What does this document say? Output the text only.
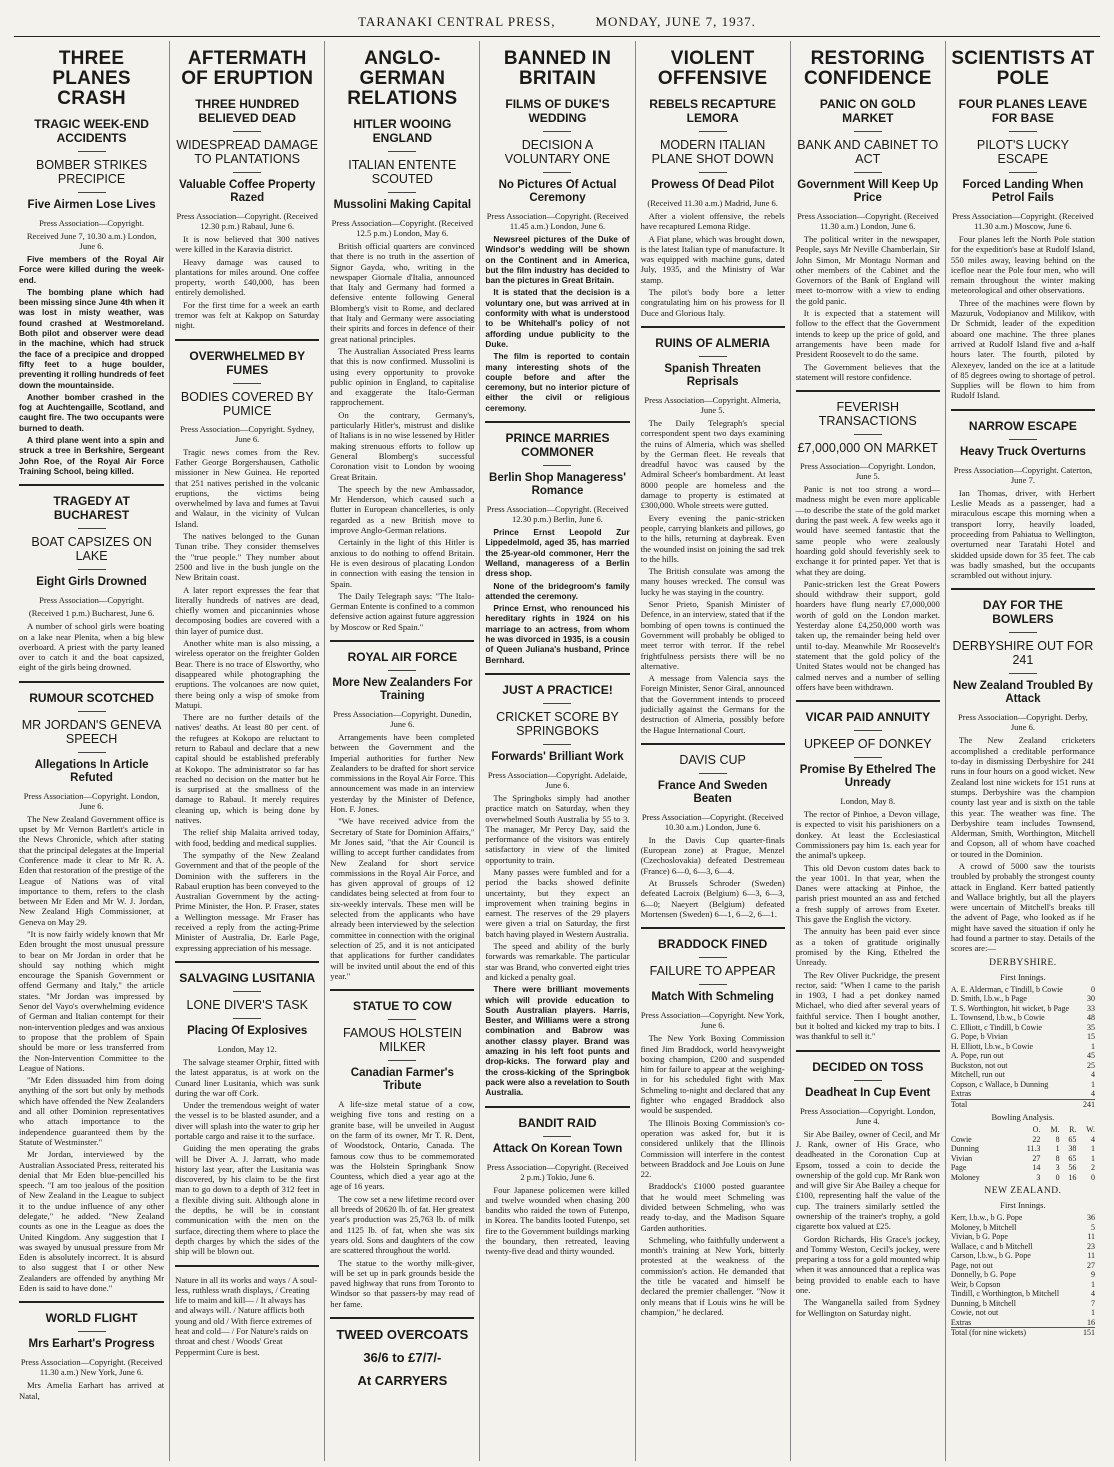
TARANAKI CENTRAL PRESS,	MONDAY, JUNE 7, 1937.
THREE PLANES CRASH
TRAGIC WEEK-END ACCIDENTS
BOMBER STRIKES PRECIPICE
Five Airmen Lose Lives
Press Association—Copyright.
Received June 7, 10.30 a.m.) London, June 6.

Five members of the Royal Air Force were killed during the week-end.

The bombing plane which had been missing since June 4th when it was lost in misty weather, was found crashed at Westmoreland. Both pilot and observer were dead in the machine, which had struck the face of a precipice and dropped fifty feet to a huge boulder, preventing it rolling hundreds of feet down the mountainside.

Another bomber crashed in the fog at Auchtengaille, Scotland, and caught fire. The two occupants were burned to death.

A third plane went into a spin and struck a tree in Berkshire, Sergeant John Roe, of the Royal Air Force Training School, being killed.

TRAGEDY AT BUCHAREST
BOAT CAPSIZES ON LAKE
Eight Girls Drowned
Press Association—Copyright.
(Received 1 p.m.) Bucharest, June 6.

A number of school girls were boating on a lake near Plenita, when a big blew overboard. A priest with the party leaned over to catch it and the boat capsized, eight of the girls being drowned.

RUMOUR SCOTCHED
MR JORDAN'S GENEVA SPEECH
Allegations In Article Refuted
Press Association—Copyright. London, June 6.

The New Zealand Government office is upset by Mr Vernon Bartlett's article in the News Chronicle, which after stating that the principal delegates at the Imperial Conference made it clear to Mr R. A. Eden that restoration of the prestige of the League of Nations was of vital importance to them, refers to the clash between Mr Eden and Mr W. J. Jordan, New Zealand High Commissioner, at Geneva on May 29.

"It is now fairly widely known that Mr Eden brought the most unusual pressure to bear on Mr Jordan in order that he should say nothing which might encourage the Spanish Government or offend Germany and Italy," the article states. "Mr Jordan was impressed by Senor del Vayo's overwhelming evidence of German and Italian contempt for their non-intervention pledges and was anxious to propose that the problem of Spain should be more or less transferred from the Non-Intervention Committee to the League of Nations.

"Mr Eden dissuaded him from doing anything of the sort but only by methods which have offended the New Zealanders and all other Dominion representatives who attach importance to the independence guaranteed them by the Statute of Westminster."

Mr Jordan, interviewed by the Australian Associated Press, reiterated his denial that Mr Eden blue-pencilled his speech. "I am too jealous of the position of New Zealand in the League to subject it to the undue influence of any other delegate," he added. "New Zealand counts as one in the League as does the United Kingdom. Any suggestion that I was swayed by unusual pressure from Mr Eden is absolutely incorrect. It is absurd to also suggest that I or other New Zealanders are offended by anything Mr Eden is said to have done."

WORLD FLIGHT
Mrs Earhart's Progress
Press Association—Copyright. (Received 11.30 a.m.) New York, June 6.

Mrs Amelia Earhart has arrived at Natal,

AFTERMATH OF ERUPTION
THREE HUNDRED BELIEVED DEAD
WIDESPREAD DAMAGE TO PLANTATIONS
Valuable Coffee Property Razed
Press Association—Copyright. (Received 12.30 p.m.) Rabaul, June 6.

It is now believed that 300 natives were killed in the Karavia district.

Heavy damage was caused to plantations for miles around. One coffee property, worth £40,000, has been entirely demolished.

For the first time for a week an earth tremor was felt at Kakpop on Saturday night.

OVERWHELMED BY FUMES
BODIES COVERED BY PUMICE
Press Association—Copyright. Sydney, June 6.

Tragic news comes from the Rev. Father George Borgershausen, Catholic missioner in New Guinea. He reported that 251 natives perished in the volcanic eruptions, the victims being overwhelmed by lava and fumes at Tavui and Walaur, in the vicinity of Vulcan Island.

The natives belonged to the Gunan Tunan tribe. They consider themselves the "true people." They number about 2500 and live in the bush jungle on the New Britain coast.

A later report expresses the fear that literally hundreds of natives are dead, chiefly women and piccaninnies whose decomposing bodies are covered with a thin layer of pumice dust.

Another white man is also missing, a wireless operator on the freighter Golden Bear. There is no trace of Elsworthy, who disappeared while photographing the eruptions. The volcanoes are now quiet, there being only a wisp of smoke from Matupi.

There are no further details of the natives' deaths. At least 80 per cent. of the refugees at Kokopo are reluctant to return to Rabaul and declare that a new capital should be established preferably at Kokopo. The administrator so far has reached no decision on the matter but he is surprised at the smallness of the damage to Rabaul. It merely requires cleaning up, which is being done by natives.

The relief ship Malaita arrived today, with food, bedding and medical supplies.

The sympathy of the New Zealand Government and that of the people of the Dominion with the sufferers in the Rabaul eruption has been conveyed to the Australian Government by the acting-Prime Minister, the Hon. P. Fraser, states a Wellington message. Mr Fraser has received a reply from the acting-Prime Minister of Australia, Dr. Earle Page, expressing appreciation of his message.

SALVAGING LUSITANIA
LONE DIVER'S TASK
Placing Of Explosives
London, May 12.

The salvage steamer Orphir, fitted with the latest apparatus, is at work on the Cunard liner Lusitania, which was sunk during the war off Cork.

Under the tremendous weight of water the vessel is to be blasted asunder, and a diver will splash into the water to grip her portable cargo and raise it to the surface.

Guiding the men operating the grabs will be Diver A. J. Jarratt, who made history last year, after the Lusitania was discovered, by his claim to be the first man to go down to a depth of 312 feet in a flexible diving suit. Although alone in the depths, he will be in constant communication with the men on the surface, directing them where to place the depth charges by which the sides of the ship will be blown out.

Nature in all its works and ways / A soul-less, ruthless wrath displays, / Creating life to maim and kill— / It always has and always will. / Nature afflicts both young and old / With fierce extremes of heat and cold— / For Nature's raids on throat and chest / Woods' Great Peppermint Cure is best.

ANGLO-GERMAN RELATIONS
HITLER WOOING ENGLAND
ITALIAN ENTENTE SCOUTED
Mussolini Making Capital
Press Association—Copyright. (Received 12.5 p.m.) London, May 6.

British official quarters are convinced that there is no truth in the assertion of Signor Gayda, who, writing in the newspaper Giornale d'Italia, announced that Italy and Germany had formed a defensive entente following General Blomberg's visit to Rome, and declared that Italy and Germany were associating their spirits and forces in defence of their great national principles.

The Australian Associated Press learns that this is now confirmed. Mussolini is using every opportunity to provoke public opinion in England, to capitalise and exaggerate the Italo-German rapprochement.

On the contrary, Germany's, particularly Hitler's, mistrust and dislike of Italians is in no wise lessened by Hitler making strenuous efforts to follow up General Blomberg's successful Coronation visit to London by wooing Great Britain.

The speech by the new Ambassador, Mr Henderson, which caused such a flutter in European chancelleries, is only regarded as a new British move to improve Anglo-German relations.

Certainly in the light of this Hitler is anxious to do nothing to offend Britain. He is even desirous of placating London in connection with easing the tension in Spain.

The Daily Telegraph says: "The Italo-German Entente is confined to a common defensive action against future aggression by Moscow or Red Spain."

ROYAL AIR FORCE
More New Zealanders For Training
Press Association—Copyright. Dunedin, June 6.

Arrangements have been completed between the Government and the Imperial authorities for further New Zealanders to be drafted for short service commissions in the Royal Air Force. This announcement was made in an interview yesterday by the Minister of Defence, Hon. F. Jones.

"We have received advice from the Secretary of State for Dominion Affairs," Mr Jones said, "that the Air Council is willing to accept further candidates from New Zealand for short service commissions in the Royal Air Force, and has given approval of groups of 12 candidates being selected at from four to six-weekly intervals. These men will be selected from the applicants who have already been interviewed by the selection committee in connection with the original selection of 25, and it is not anticipated that applications for further candidates will be invited until about the end of this year."

STATUE TO COW
FAMOUS HOLSTEIN MILKER
Canadian Farmer's Tribute

A life-size metal statue of a cow, weighing five tons and resting on a granite base, will be unveiled in August on the farm of its owner, Mr T. R. Dent, of Woodstock, Ontario, Canada. The famous cow thus to be commemorated was the Holstein Springbank Snow Countess, which died a year ago at the age of 16 years.

The cow set a new lifetime record over all breeds of 20620 lb. of fat. Her greatest year's production was 25,763 lb. of milk and 1125 lb. of fat, when she was six years old. Sons and daughters of the cow are scattered throughout the world.

The statue to the worthy milk-giver, will be set up in park grounds beside the paved highway that runs from Toronto to Windsor so that passers-by may read of her fame.

TWEED OVERCOATS
36/6 to £7/7/-
At CARRYERS
BANNED IN BRITAIN
FILMS OF DUKE'S WEDDING
DECISION A VOLUNTARY ONE
No Pictures Of Actual Ceremony
Press Association—Copyright. (Received 11.45 a.m.) London, June 6.

Newsreel pictures of the Duke of Windsor's wedding will be shown on the Continent and in America, but the film industry has decided to ban the pictures in Great Britain.

It is stated that the decision is a voluntary one, but was arrived at in conformity with what is understood to be Whitehall's policy of not affording undue publicity to the Duke.

The film is reported to contain many interesting shots of the couple before and after the ceremony, but no interior picture of either the civil or religious ceremony.

PRINCE MARRIES COMMONER
Berlin Shop Manageress' Romance
Press Association—Copyright. (Received 12.30 p.m.) Berlin, June 6.

Prince Ernst Leopold Zur Lippedelmold, aged 35, has married the 25-year-old commoner, Herr the Welland, manageress of a Berlin dress shop.

None of the bridegroom's family attended the ceremony.

Prince Ernst, who renounced his hereditary rights in 1924 on his marriage to an actress, from whom he was divorced in 1935, is a cousin of Queen Juliana's husband, Prince Bernhard.

JUST A PRACTICE!
CRICKET SCORE BY SPRINGBOKS
Forwards' Brilliant Work
Press Association—Copyright. Adelaide, June 6.

The Springboks simply had another practice match on Saturday, when they overwhelmed South Australia by 55 to 3. The manager, Mr Percy Day, said the performance of the visitors was entirely satisfactory in view of the limited opportunity to train.

Many passes were fumbled and for a period the backs showed definite uncertainty, but they expect an improvement when training begins in earnest. The reserves of the 29 players were given a trial on Saturday, the first batch having played in Western Australia.

The speed and ability of the burly forwards was remarkable. The particular star was Brand, who converted eight tries and kicked a penalty goal.

There were brilliant movements which will provide education to South Australian players. Harris, Bester, and Williams were a strong combination and Babrow was another classy player. Brand was amazing in his left foot punts and drop-kicks. The forward play and the cross-kicking of the Springbok pack were also a revelation to South Australia.

BANDIT RAID
Attack On Korean Town
Press Association—Copyright. (Received 2 p.m.) Tokio, June 6.

Four Japanese policemen were killed and twelve wounded when chasing 200 bandits who raided the town of Futenpo, in Korea. The bandits looted Futenpo, set fire to the Government buildings marking the boundary, then retreated, leaving twenty-five dead and thirty wounded.

VIOLENT OFFENSIVE
REBELS RECAPTURE LEMORA
MODERN ITALIAN PLANE SHOT DOWN
Prowess Of Dead Pilot
(Received 11.30 a.m.) Madrid, June 6.

After a violent offensive, the rebels have recaptured Lemona Ridge.

A Fiat plane, which was brought down, is the latest Italian type of manufacture. It was equipped with machine guns, dated July, 1935, and the Ministry of War stamp.

The pilot's body bore a letter congratulating him on his prowess for Il Duce and Glorious Italy.

RUINS OF ALMERIA
Spanish Threaten Reprisals
Press Association—Copyright. Almeria, June 5.

The Daily Telegraph's special correspondent spent two days examining the ruins of Almeria, which was shelled by the German fleet. He reveals that dreadful havoc was caused by the Admiral Scheer's bombardment. At least 8000 people are homeless and the damage to property is estimated at £300,000. Whole streets were gutted.

Every evening the panic-stricken people, carrying blankets and pillows, go to the hills, returning at daybreak. Even the wounded insist on joining the sad trek to the hills.

The British consulate was among the many houses wrecked. The consul was lucky he was staying in the country.

Senor Prieto, Spanish Minister of Defence, in an interview, stated that if the bombing of open towns is continued the Government will probably be obliged to meet terror with terror. If the rebel frightfulness persists there will be no alternative.

A message from Valencia says the Foreign Minister, Senor Giral, announced that the Government intends to proceed judicially against the Germans for the destruction of Almeria, possibly before the Hague International Court.

DAVIS CUP
France And Sweden Beaten
Press Association—Copyright. (Received 10.30 a.m.) London, June 6.

In the Davis Cup quarter-finals (European zone) at Prague, Menzel (Czechoslovakia) defeated Destremeau (France) 6—0, 6—3, 6—4.

At Brussels Schroder (Sweden) defeated Lacroix (Belgium) 6—3, 6—3, 6—0; Naeyert (Belgium) defeated Mortensen (Sweden) 6—1, 6—2, 6—1.

BRADDOCK FINED
FAILURE TO APPEAR
Match With Schmeling
Press Association—Copyright. New York, June 6.

The New York Boxing Commission fined Jim Braddock, world heavyweight boxing champion, £200 and suspended him for failure to appear at the weighing-in for his scheduled fight with Max Schmeling to-night and declared that any fighter who engaged Braddock also would be suspended.

The Illinois Boxing Commission's co-operation was asked for, but it is considered unlikely that the Illinois Commission will interfere in the contest between Braddock and Joe Louis on June 22.

Braddock's £1000 posted guarantee that he would meet Schmeling was divided between Schmeling, who was ready to-day, and the Madison Square Garden authorities.

Schmeling, who faithfully underwent a month's training at New York, bitterly protested at the weakness of the commission's action. He demanded that the title be vacated and himself be declared the premier challenger. "Now it only means that if Louis wins he will be champion," he declared.

RESTORING CONFIDENCE
PANIC ON GOLD MARKET
BANK AND CABINET TO ACT
Government Will Keep Up Price
Press Association—Copyright. (Received 11.30 a.m.) London, June 6.

The political writer in the newspaper, People, says Mr Neville Chamberlain, Sir John Simon, Mr Montagu Norman and other members of the Cabinet and the Governors of the Bank of England will meet to-morrow with a view to ending the gold panic.

It is expected that a statement will follow to the effect that the Government intends to keep up the price of gold, and arrangements have been made for President Roosevelt to do the same.

The Government believes that the statement will restore confidence.

FEVERISH TRANSACTIONS
£7,000,000 ON MARKET
Press Association—Copyright. London, June 5.

Panic is not too strong a word—madness might be even more applicable—to describe the state of the gold market during the past week. A few weeks ago it would have seemed fantastic that the same people who were zealously hoarding gold should feverishly seek to exchange it for printed paper. Yet that is what they are doing.

Panic-stricken lest the Great Powers should withdraw their support, gold hoarders have flung nearly £7,000,000 worth of gold on the London market. Yesterday alone £4,250,000 worth was taken up, the remainder being held over until to-day. Meanwhile Mr Roosevelt's statement that the gold policy of the United States would not be changed has calmed nerves and a number of selling offers have been withdrawn.

VICAR PAID ANNUITY
UPKEEP OF DONKEY
Promise By Ethelred The Unready
London, May 8.

The rector of Pinhoe, a Devon village, is expected to visit his parishioners on a donkey. At least the Ecclesiastical Commissioners pay him 1s. each year for the animal's upkeep.

This old Devon custom dates back to the year 1001. In that year, when the Danes were attacking at Pinhoe, the parish priest mounted an ass and fetched a fresh supply of arrows from Exeter. This gave the English the victory.

The annuity has been paid ever since as a token of gratitude originally promised by the King, Ethelred the Unready.

The Rev Oliver Puckridge, the present rector, said: "When I came to the parish in 1903, I had a pet donkey named Michael, who died after several years of faithful service. Then I bought another, but it bolted and kicked my trap to bits. I was thankful to sell it."

DECIDED ON TOSS
Deadheat In Cup Event
Press Association—Copyright. London, June 4.

Sir Abe Bailey, owner of Cecil, and Mr J. Rank, owner of His Grace, who deadheated in the Coronation Cup at Epsom, tossed a coin to decide the ownership of the gold cup. Mr Rank won and will give Sir Abe Bailey a cheque for £100, representing half the value of the cup. The trainers similarly settled the ownership of the trainer's trophy, a gold cigarette box valued at £25.

Gordon Richards, His Grace's jockey, and Tommy Weston, Cecil's jockey, were preparing a toss for a gold mounted whip when it was announced that a replica was being provided to enable each to have one.

The Wanganella sailed from Sydney for Wellington on Saturday night.

SCIENTISTS AT POLE
FOUR PLANES LEAVE FOR BASE
PILOT'S LUCKY ESCAPE
Forced Landing When Petrol Fails
Press Association—Copyright. (Received 11.30 a.m.) Moscow, June 6.

Four planes left the North Pole station for the expedition's base at Rudolf Island, 550 miles away, leaving behind on the icefloe near the Pole four men, who will remain throughout the winter making meteorological and other observations.

Three of the machines were flown by Mazuruk, Vodopianov and Milikov, with Dr Schmidt, leader of the expedition aboard one machine. The three planes arrived at Rudolf Island five and a-half hours later. The fourth, piloted by Alexeyev, landed on the ice at a latitude of 85 degrees owing to shortage of petrol. Supplies will be flown to him from Rudolf Island.

NARROW ESCAPE
Heavy Truck Overturns
Press Association—Copyright. Caterton, June 7.

Ian Thomas, driver, with Herbert Leslie Meads as a passenger, had a miraculous escape this morning when a transport lorry, heavily loaded, proceeding from Pahiatua to Wellington, overturned near Taratahi Hotel and skidded upside down for 35 feet. The cab was badly smashed, but the occupants scrambled out without injury.

DAY FOR THE BOWLERS
DERBYSHIRE OUT FOR 241
New Zealand Troubled By Attack
Press Association—Copyright. Derby, June 6.

The New Zealand cricketers accomplished a creditable performance to-day in dismissing Derbyshire for 241 runs in four hours on a good wicket. New Zealand lost nine wickets for 151 runs at stumps. Derbyshire was the champion county last year and is sixth on the table this year. The weather was fine. The Derbyshire team includes Townsend, Alderman, Smith, Worthington, Mitchell and Copson, all of whom have coached or toured in the Dominion.

A crowd of 5000 saw the tourists troubled by probably the strongest county attack in England. Kerr batted patiently and Wallace brightly, but all the players were uncertain of Mitchell's breaks till the advent of Page, who looked as if he might have saved the situation if only he had found a partner to stay. Details of the scores are:—

DERBYSHIRE.
First Innings.
A. E. Alderman, c Tindill, b Cowie	0
D. Smith, l.b.w., b Page	30
T. S. Worthington, hit wicket, b Page	33
L. Townsend, l.b.w., b Cowie	48
C. Elliott, c Tindill, b Cowie	35
G. Pope, b Vivian	15
H. Elliott, l.b.w., b Cowie	1
A. Pope, run out	45
Buckston, not out	25
Mitchell, run out	4
Copson, c Wallace, b Dunning	1
Extras	4
Total	241
Bowling Analysis.
	O.	M.	R.	W.
Cowie	22	8	65	4
Dunning	11.3	1	38	1
Vivian	27	8	65	1
Page	14	3	56	2
Moloney	3	0	16	0
NEW ZEALAND.
First Innings.
Kerr, l.b.w., b G. Pope	36
Moloney, b Mitchell	5
Vivian, b G. Pope	11
Wallace, c and b Mitchell	23
Carson, l.b.w., b G. Pope	11
Page, not out	27
Donnelly, b G. Pope	9
Weir, b Copson	1
Tindill, c Worthington, b Mitchell	4
Dunning, b Mitchell	7
Cowie, not out	1
Extras	16
Total (for nine wickets)	151
